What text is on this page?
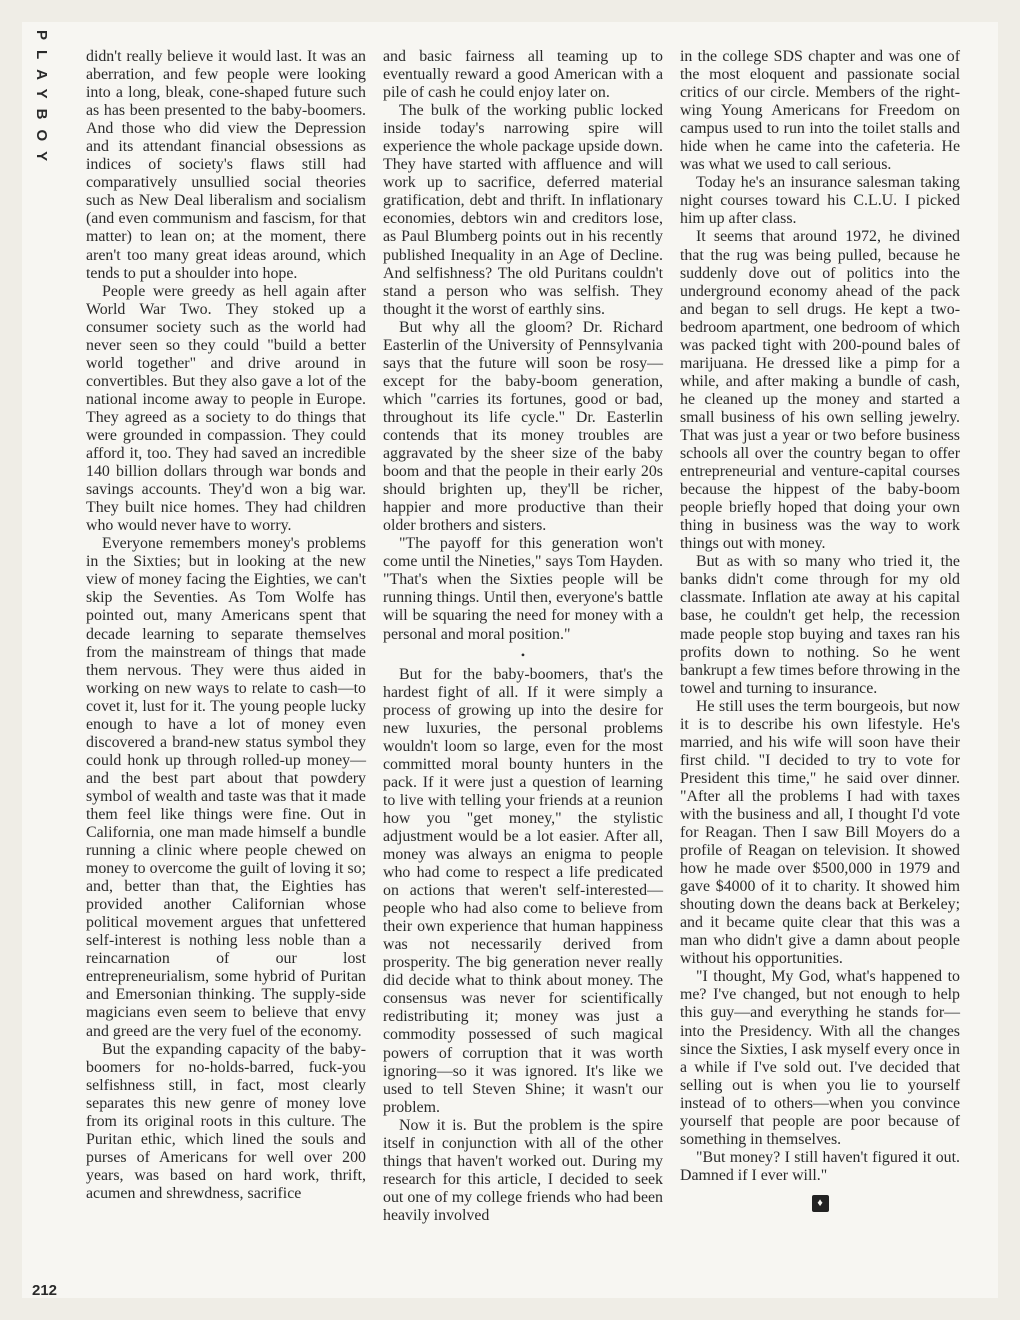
PLAYBOY
212

didn't really believe it would last. It was an aberration, and few people were looking into a long, bleak, cone-shaped future such as has been presented to the baby-boomers. And those who did view the Depression and its attendant financial obsessions as indices of society's flaws still had comparatively unsullied social theories such as New Deal liberalism and socialism (and even communism and fascism, for that matter) to lean on; at the moment, there aren't too many great ideas around, which tends to put a shoulder into hope.

People were greedy as hell again after World War Two. They stoked up a consumer society such as the world had never seen so they could "build a better world together" and drive around in convertibles. But they also gave a lot of the national income away to people in Europe. They agreed as a society to do things that were grounded in compassion. They could afford it, too. They had saved an incredible 140 billion dollars through war bonds and savings accounts. They'd won a big war. They built nice homes. They had children who would never have to worry.

Everyone remembers money's problems in the Sixties; but in looking at the new view of money facing the Eighties, we can't skip the Seventies. As Tom Wolfe has pointed out, many Americans spent that decade learning to separate themselves from the mainstream of things that made them nervous. They were thus aided in working on new ways to relate to cash—to covet it, lust for it. The young people lucky enough to have a lot of money even discovered a brand-new status symbol they could honk up through rolled-up money—and the best part about that powdery symbol of wealth and taste was that it made them feel like things were fine. Out in California, one man made himself a bundle running a clinic where people chewed on money to overcome the guilt of loving it so; and, better than that, the Eighties has provided another Californian whose political movement argues that unfettered self-interest is nothing less noble than a reincarnation of our lost entrepreneurialism, some hybrid of Puritan and Emersonian thinking. The supply-side magicians even seem to believe that envy and greed are the very fuel of the economy.

But the expanding capacity of the baby-boomers for no-holds-barred, fuck-you selfishness still, in fact, most clearly separates this new genre of money love from its original roots in this culture. The Puritan ethic, which lined the souls and purses of Americans for well over 200 years, was based on hard work, thrift, acumen and shrewdness, sacrifice

and basic fairness all teaming up to eventually reward a good American with a pile of cash he could enjoy later on.

The bulk of the working public locked inside today's narrowing spire will experience the whole package upside down. They have started with affluence and will work up to sacrifice, deferred material gratification, debt and thrift. In inflationary economies, debtors win and creditors lose, as Paul Blumberg points out in his recently published Inequality in an Age of Decline. And selfishness? The old Puritans couldn't stand a person who was selfish. They thought it the worst of earthly sins.

But why all the gloom? Dr. Richard Easterlin of the University of Pennsylvania says that the future will soon be rosy—except for the baby-boom generation, which "carries its fortunes, good or bad, throughout its life cycle." Dr. Easterlin contends that its money troubles are aggravated by the sheer size of the baby boom and that the people in their early 20s should brighten up, they'll be richer, happier and more productive than their older brothers and sisters.

"The payoff for this generation won't come until the Nineties," says Tom Hayden. "That's when the Sixties people will be running things. Until then, everyone's battle will be squaring the need for money with a personal and moral position."

•

But for the baby-boomers, that's the hardest fight of all. If it were simply a process of growing up into the desire for new luxuries, the personal problems wouldn't loom so large, even for the most committed moral bounty hunters in the pack. If it were just a question of learning to live with telling your friends at a reunion how you "get money," the stylistic adjustment would be a lot easier. After all, money was always an enigma to people who had come to respect a life predicated on actions that weren't self-interested—people who had also come to believe from their own experience that human happiness was not necessarily derived from prosperity. The big generation never really did decide what to think about money. The consensus was never for scientifically redistributing it; money was just a commodity possessed of such magical powers of corruption that it was worth ignoring—so it was ignored. It's like we used to tell Steven Shine; it wasn't our problem.

Now it is. But the problem is the spire itself in conjunction with all of the other things that haven't worked out. During my research for this article, I decided to seek out one of my college friends who had been heavily involved

in the college SDS chapter and was one of the most eloquent and passionate social critics of our circle. Members of the right-wing Young Americans for Freedom on campus used to run into the toilet stalls and hide when he came into the cafeteria. He was what we used to call serious.

Today he's an insurance salesman taking night courses toward his C.L.U. I picked him up after class.

It seems that around 1972, he divined that the rug was being pulled, because he suddenly dove out of politics into the underground economy ahead of the pack and began to sell drugs. He kept a two-bedroom apartment, one bedroom of which was packed tight with 200-pound bales of marijuana. He dressed like a pimp for a while, and after making a bundle of cash, he cleaned up the money and started a small business of his own selling jewelry. That was just a year or two before business schools all over the country began to offer entrepreneurial and venture-capital courses because the hippest of the baby-boom people briefly hoped that doing your own thing in business was the way to work things out with money.

But as with so many who tried it, the banks didn't come through for my old classmate. Inflation ate away at his capital base, he couldn't get help, the recession made people stop buying and taxes ran his profits down to nothing. So he went bankrupt a few times before throwing in the towel and turning to insurance.

He still uses the term bourgeois, but now it is to describe his own lifestyle. He's married, and his wife will soon have their first child. "I decided to try to vote for President this time," he said over dinner. "After all the problems I had with taxes with the business and all, I thought I'd vote for Reagan. Then I saw Bill Moyers do a profile of Reagan on television. It showed how he made over $500,000 in 1979 and gave $4000 of it to charity. It showed him shouting down the deans back at Berkeley; and it became quite clear that this was a man who didn't give a damn about people without his opportunities.

"I thought, My God, what's happened to me? I've changed, but not enough to help this guy—and everything he stands for—into the Presidency. With all the changes since the Sixties, I ask myself every once in a while if I've sold out. I've decided that selling out is when you lie to yourself instead of to others—when you convince yourself that people are poor because of something in themselves.

"But money? I still haven't figured it out. Damned if I ever will."

♦
